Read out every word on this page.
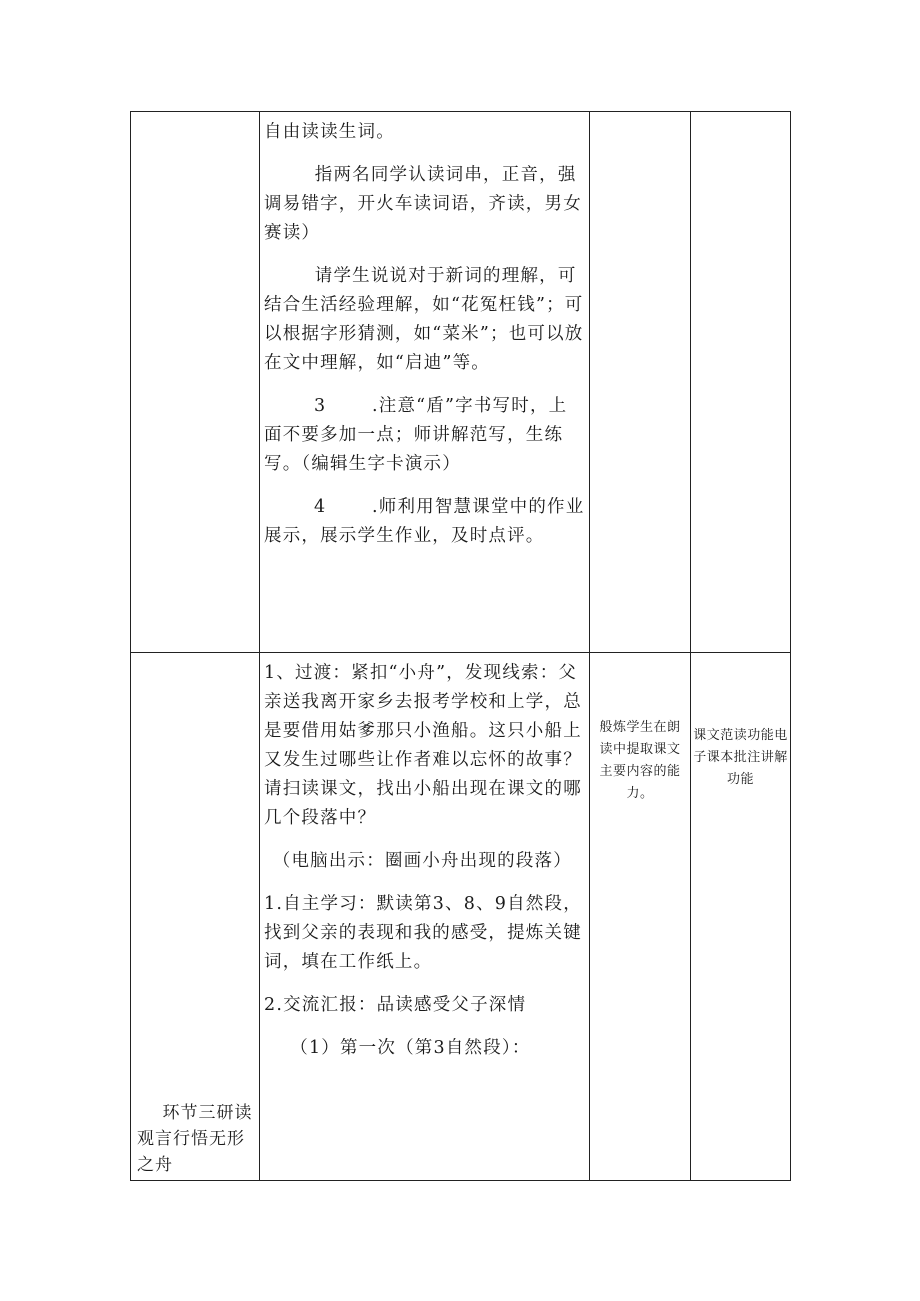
	自由读读生词。

指两名同学认读词串，正音，强调易错字，开火车读词语，齐读，男女赛读）

请学生说说对于新词的理解，可结合生活经验理解，如“花冤枉钱”；可以根据字形猜测，如“菜米”；也可以放在文中理解，如“启迪”等。

3 .注意“盾”字书写时，上面不要多加一点；师讲解范写，生练写。（编辑生字卡演示）

4 .师利用智慧课堂中的作业展示，展示学生作业，及时点评。		

环节三研读观言行悟无形之舟	1、过渡：紧扣“小舟”，发现线索：父亲送我离开家乡去报考学校和上学，总是要借用姑爹那只小渔船。这只小船上又发生过哪些让作者难以忘怀的故事？请扫读课文，找出小船出现在课文的哪几个段落中？

（电脑出示：圈画小舟出现的段落）

1.自主学习：默读第3、8、9自然段，找到父亲的表现和我的感受，提炼关键词，填在工作纸上。

2.交流汇报：品读感受父子深情

（1）第一次（第3自然段）：	般炼学生在朗读中提取课文主要内容的能力。	课文范读功能电子课本批注讲解功能
